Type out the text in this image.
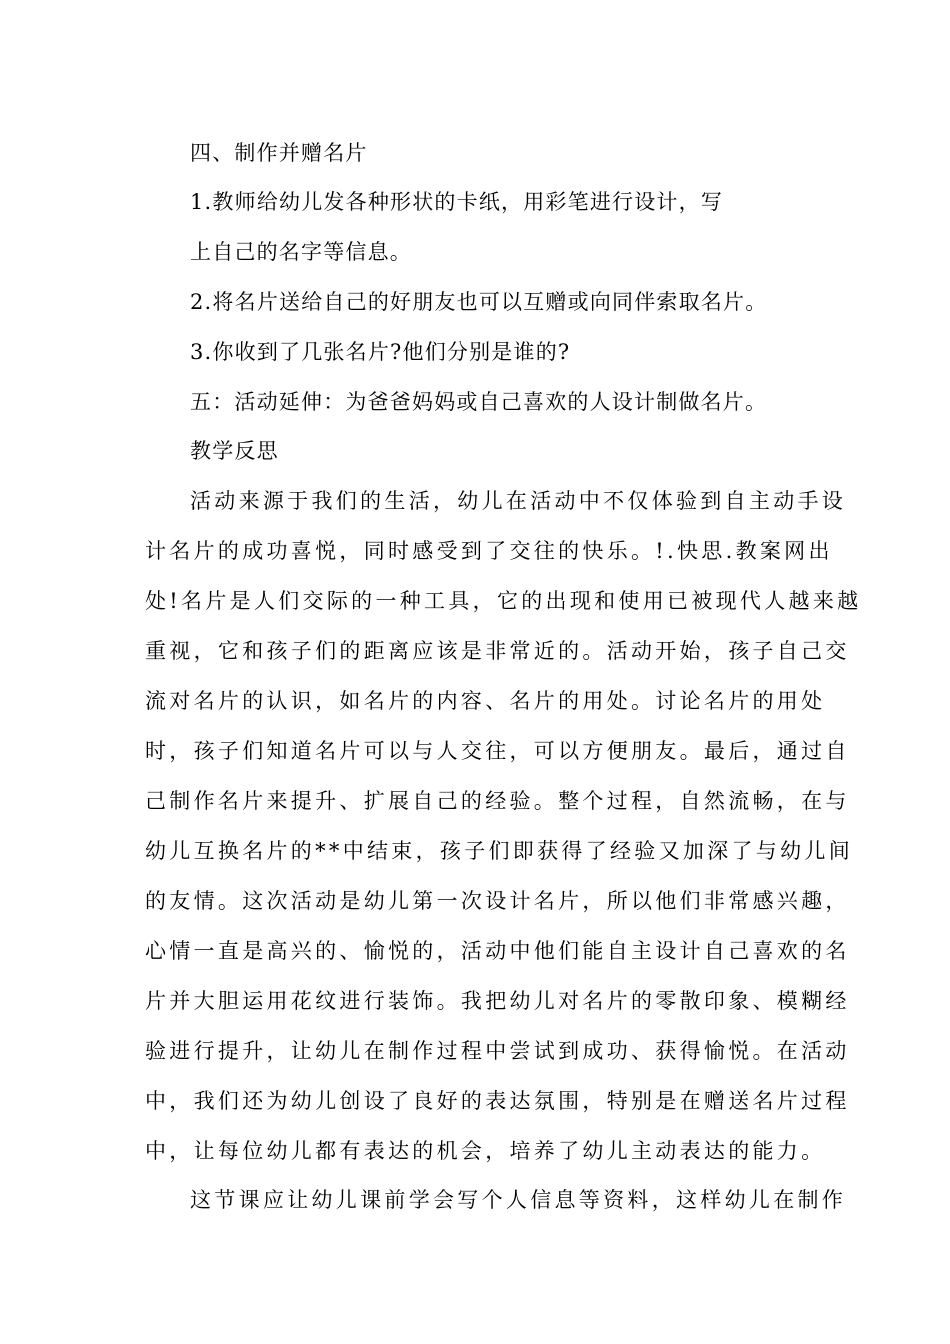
四、制作并赠名片
1.教师给幼儿发各种形状的卡纸，用彩笔进行设计，写
上自己的名字等信息。
2.将名片送给自己的好朋友也可以互赠或向同伴索取名片。
3.你收到了几张名片?他们分别是谁的?
五：活动延伸：为爸爸妈妈或自己喜欢的人设计制做名片。
教学反思
活动来源于我们的生活，幼儿在活动中不仅体验到自主动手设
计名片的成功喜悦，同时感受到了交往的快乐。!.快思.教案网出
处!名片是人们交际的一种工具，它的出现和使用已被现代人越来越
重视，它和孩子们的距离应该是非常近的。活动开始，孩子自己交
流对名片的认识，如名片的内容、名片的用处。讨论名片的用处
时，孩子们知道名片可以与人交往，可以方便朋友。最后，通过自
己制作名片来提升、扩展自己的经验。整个过程，自然流畅，在与
幼儿互换名片的**中结束，孩子们即获得了经验又加深了与幼儿间
的友情。这次活动是幼儿第一次设计名片，所以他们非常感兴趣，
心情一直是高兴的、愉悦的，活动中他们能自主设计自己喜欢的名
片并大胆运用花纹进行装饰。我把幼儿对名片的零散印象、模糊经
验进行提升，让幼儿在制作过程中尝试到成功、获得愉悦。在活动
中，我们还为幼儿创设了良好的表达氛围，特别是在赠送名片过程
中，让每位幼儿都有表达的机会，培养了幼儿主动表达的能力。
这节课应让幼儿课前学会写个人信息等资料，这样幼儿在制作
